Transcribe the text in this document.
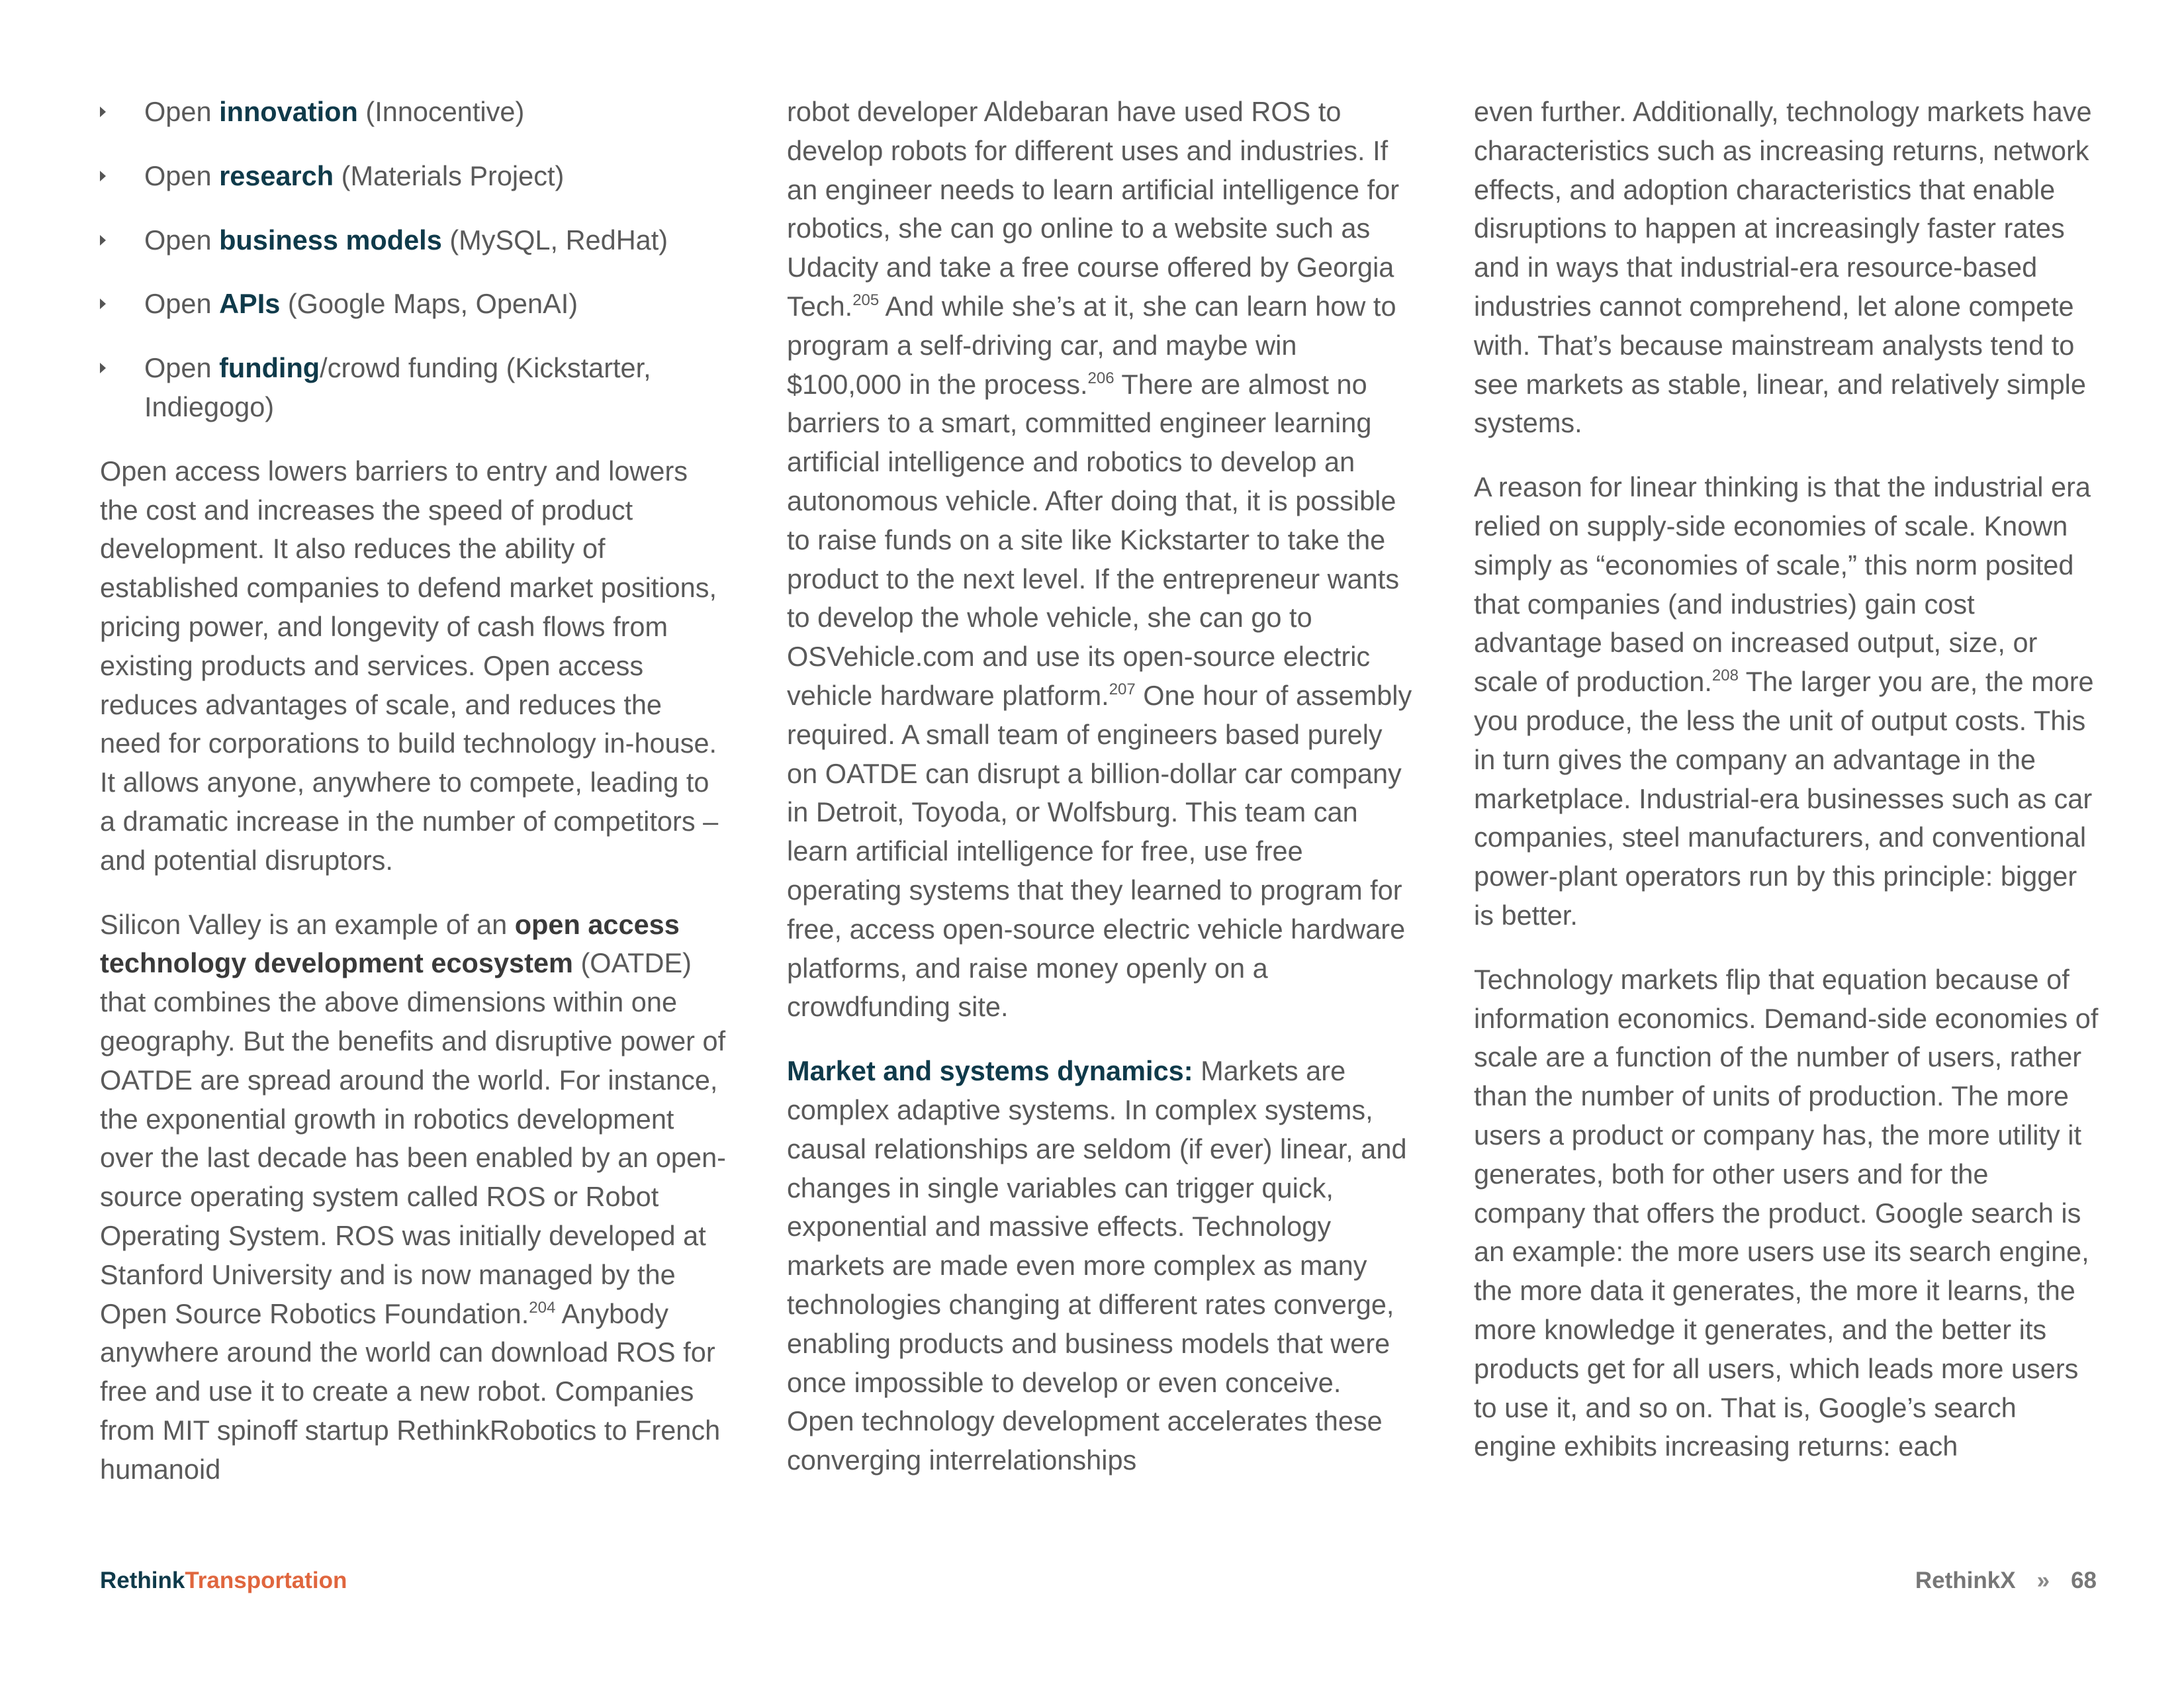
Open innovation (Innocentive)
Open research (Materials Project)
Open business models (MySQL, RedHat)
Open APIs (Google Maps, OpenAI)
Open funding/crowd funding (Kickstarter, Indiegogo)

Open access lowers barriers to entry and lowers the cost and increases the speed of product development. It also reduces the ability of established companies to defend market positions, pricing power, and longevity of cash flows from existing products and services. Open access reduces advantages of scale, and reduces the need for corporations to build technology in-house. It allows anyone, anywhere to compete, leading to a dramatic increase in the number of competitors – and potential disruptors.

Silicon Valley is an example of an open access technology development ecosystem (OATDE) that combines the above dimensions within one geography. But the benefits and disruptive power of OATDE are spread around the world. For instance, the exponential growth in robotics development over the last decade has been enabled by an open-source operating system called ROS or Robot Operating System. ROS was initially developed at Stanford University and is now managed by the Open Source Robotics Foundation.$^{204}$ Anybody anywhere around the world can download ROS for free and use it to create a new robot. Companies from MIT spinoff startup RethinkRobotics to French humanoid

robot developer Aldebaran have used ROS to develop robots for different uses and industries. If an engineer needs to learn artificial intelligence for robotics, she can go online to a website such as Udacity and take a free course offered by Georgia Tech.$^{205}$ And while she’s at it, she can learn how to program a self-driving car, and maybe win $100,000 in the process.$^{206}$ There are almost no barriers to a smart, committed engineer learning artificial intelligence and robotics to develop an autonomous vehicle. After doing that, it is possible to raise funds on a site like Kickstarter to take the product to the next level. If the entrepreneur wants to develop the whole vehicle, she can go to OSVehicle.com and use its open-source electric vehicle hardware platform.$^{207}$ One hour of assembly required. A small team of engineers based purely on OATDE can disrupt a billion-dollar car company in Detroit, Toyoda, or Wolfsburg. This team can learn artificial intelligence for free, use free operating systems that they learned to program for free, access open-source electric vehicle hardware platforms, and raise money openly on a crowdfunding site.

Market and systems dynamics: Markets are complex adaptive systems. In complex systems, causal relationships are seldom (if ever) linear, and changes in single variables can trigger quick, exponential and massive effects. Technology markets are made even more complex as many technologies changing at different rates converge, enabling products and business models that were once impossible to develop or even conceive. Open technology development accelerates these converging interrelationships

even further. Additionally, technology markets have characteristics such as increasing returns, network effects, and adoption characteristics that enable disruptions to happen at increasingly faster rates and in ways that industrial-era resource-based industries cannot comprehend, let alone compete with. That’s because mainstream analysts tend to see markets as stable, linear, and relatively simple systems.

A reason for linear thinking is that the industrial era relied on supply-side economies of scale. Known simply as “economies of scale,” this norm posited that companies (and industries) gain cost advantage based on increased output, size, or scale of production.$^{208}$ The larger you are, the more you produce, the less the unit of output costs. This in turn gives the company an advantage in the marketplace. Industrial-era businesses such as car companies, steel manufacturers, and conventional power-plant operators run by this principle: bigger is better.

Technology markets flip that equation because of information economics. Demand-side economies of scale are a function of the number of users, rather than the number of units of production. The more users a product or company has, the more utility it generates, both for other users and for the company that offers the product. Google search is an example: the more users use its search engine, the more data it generates, the more it learns, the more knowledge it generates, and the better its products get for all users, which leads more users to use it, and so on. That is, Google’s search engine exhibits increasing returns: each

RethinkTransportation	RethinkX » 68
